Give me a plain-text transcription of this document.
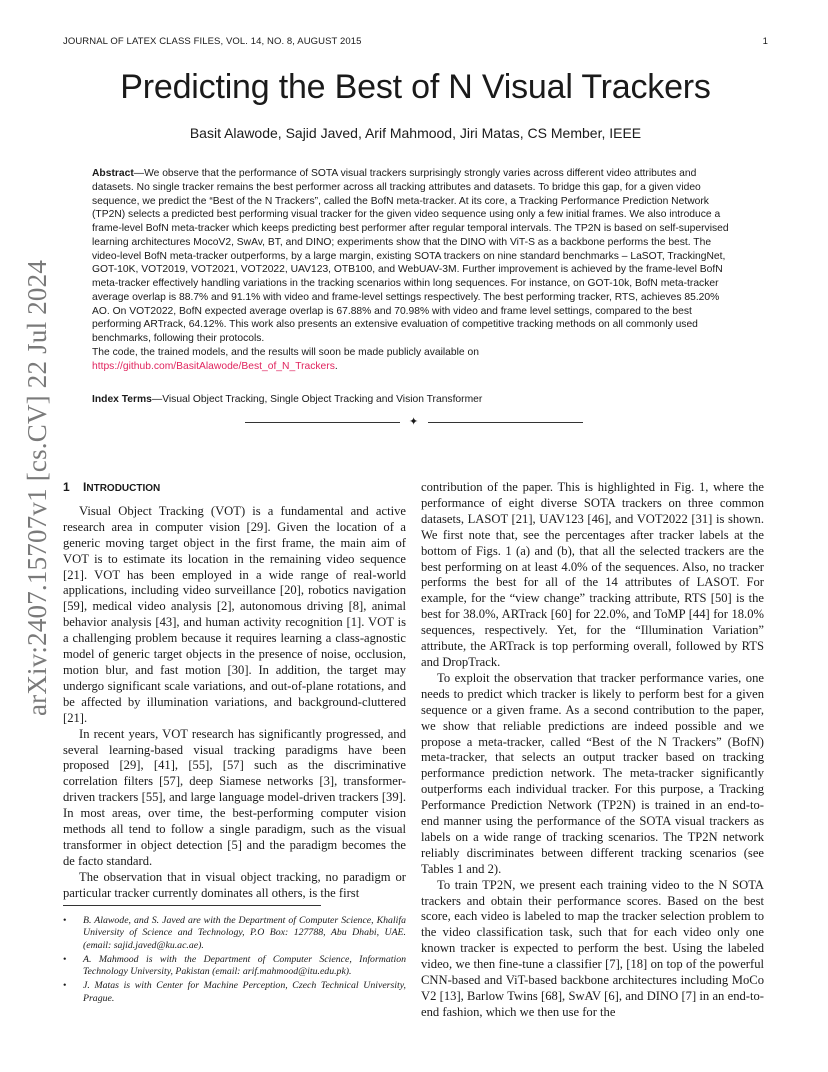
JOURNAL OF LATEX CLASS FILES, VOL. 14, NO. 8, AUGUST 2015	1
arXiv:2407.15707v1 [cs.CV] 22 Jul 2024
Predicting the Best of N Visual Trackers
Basit Alawode, Sajid Javed, Arif Mahmood, Jiri Matas, CS Member, IEEE
Abstract—We observe that the performance of SOTA visual trackers surprisingly strongly varies across different video attributes and datasets. No single tracker remains the best performer across all tracking attributes and datasets. To bridge this gap, for a given video sequence, we predict the “Best of the N Trackers”, called the BofN meta-tracker. At its core, a Tracking Performance Prediction Network (TP2N) selects a predicted best performing visual tracker for the given video sequence using only a few initial frames. We also introduce a frame-level BofN meta-tracker which keeps predicting best performer after regular temporal intervals. The TP2N is based on self-supervised learning architectures MocoV2, SwAv, BT, and DINO; experiments show that the DINO with ViT-S as a backbone performs the best. The video-level BofN meta-tracker outperforms, by a large margin, existing SOTA trackers on nine standard benchmarks – LaSOT, TrackingNet, GOT-10K, VOT2019, VOT2021, VOT2022, UAV123, OTB100, and WebUAV-3M. Further improvement is achieved by the frame-level BofN meta-tracker effectively handling variations in the tracking scenarios within long sequences. For instance, on GOT-10k, BofN meta-tracker average overlap is 88.7% and 91.1% with video and frame-level settings respectively. The best performing tracker, RTS, achieves 85.20% AO. On VOT2022, BofN expected average overlap is 67.88% and 70.98% with video and frame level settings, compared to the best performing ARTrack, 64.12%. This work also presents an extensive evaluation of competitive tracking methods on all commonly used benchmarks, following their protocols.
The code, the trained models, and the results will soon be made publicly available on
https://github.com/BasitAlawode/Best_of_N_Trackers.
Index Terms—Visual Object Tracking, Single Object Tracking and Vision Transformer
✦

1 INTRODUCTION

Visual Object Tracking (VOT) is a fundamental and active research area in computer vision [29]. Given the location of a generic moving target object in the first frame, the main aim of VOT is to estimate its location in the remaining video sequence [21]. VOT has been employed in a wide range of real-world applications, including video surveillance [20], robotics navigation [59], medical video analysis [2], autonomous driving [8], animal behavior analysis [43], and human activity recognition [1]. VOT is a challenging problem because it requires learning a class-agnostic model of generic target objects in the presence of noise, occlusion, motion blur, and fast motion [30]. In addition, the target may undergo significant scale variations, and out-of-plane rotations, and be affected by illumination variations, and background-cluttered [21].

In recent years, VOT research has significantly progressed, and several learning-based visual tracking paradigms have been proposed [29], [41], [55], [57] such as the discriminative correlation filters [57], deep Siamese networks [3], transformer-driven trackers [55], and large language model-driven trackers [39]. In most areas, over time, the best-performing computer vision methods all tend to follow a single paradigm, such as the visual transformer in object detection [5] and the paradigm becomes the de facto standard.

The observation that in visual object tracking, no paradigm or particular tracker currently dominates all others, is the first

contribution of the paper. This is highlighted in Fig. 1, where the performance of eight diverse SOTA trackers on three common datasets, LASOT [21], UAV123 [46], and VOT2022 [31] is shown. We first note that, see the percentages after tracker labels at the bottom of Figs. 1 (a) and (b), that all the selected trackers are the best performing on at least 4.0% of the sequences. Also, no tracker performs the best for all of the 14 attributes of LASOT. For example, for the “view change” tracking attribute, RTS [50] is the best for 38.0%, ARTrack [60] for 22.0%, and ToMP [44] for 18.0% sequences, respectively. Yet, for the “Illumination Variation” attribute, the ARTrack is top performing overall, followed by RTS and DropTrack.

To exploit the observation that tracker performance varies, one needs to predict which tracker is likely to perform best for a given sequence or a given frame. As a second contribution to the paper, we show that reliable predictions are indeed possible and we propose a meta-tracker, called “Best of the N Trackers” (BofN) meta-tracker, that selects an output tracker based on tracking performance prediction network. The meta-tracker significantly outperforms each individual tracker. For this purpose, a Tracking Performance Prediction Network (TP2N) is trained in an end-to-end manner using the performance of the SOTA visual trackers as labels on a wide range of tracking scenarios. The TP2N network reliably discriminates between different tracking scenarios (see Tables 1 and 2).

To train TP2N, we present each training video to the N SOTA trackers and obtain their performance scores. Based on the best score, each video is labeled to map the tracker selection problem to the video classification task, such that for each video only one known tracker is expected to perform the best. Using the labeled video, we then fine-tune a classifier [7], [18] on top of the powerful CNN-based and ViT-based backbone architectures including MoCo V2 [13], Barlow Twins [68], SwAV [6], and DINO [7] in an end-to-end fashion, which we then use for the

• B. Alawode, and S. Javed are with the Department of Computer Science, Khalifa University of Science and Technology, P.O Box: 127788, Abu Dhabi, UAE. (email: sajid.javed@ku.ac.ae).
• A. Mahmood is with the Department of Computer Science, Information Technology University, Pakistan (email: arif.mahmood@itu.edu.pk).
• J. Matas is with Center for Machine Perception, Czech Technical University, Prague.
